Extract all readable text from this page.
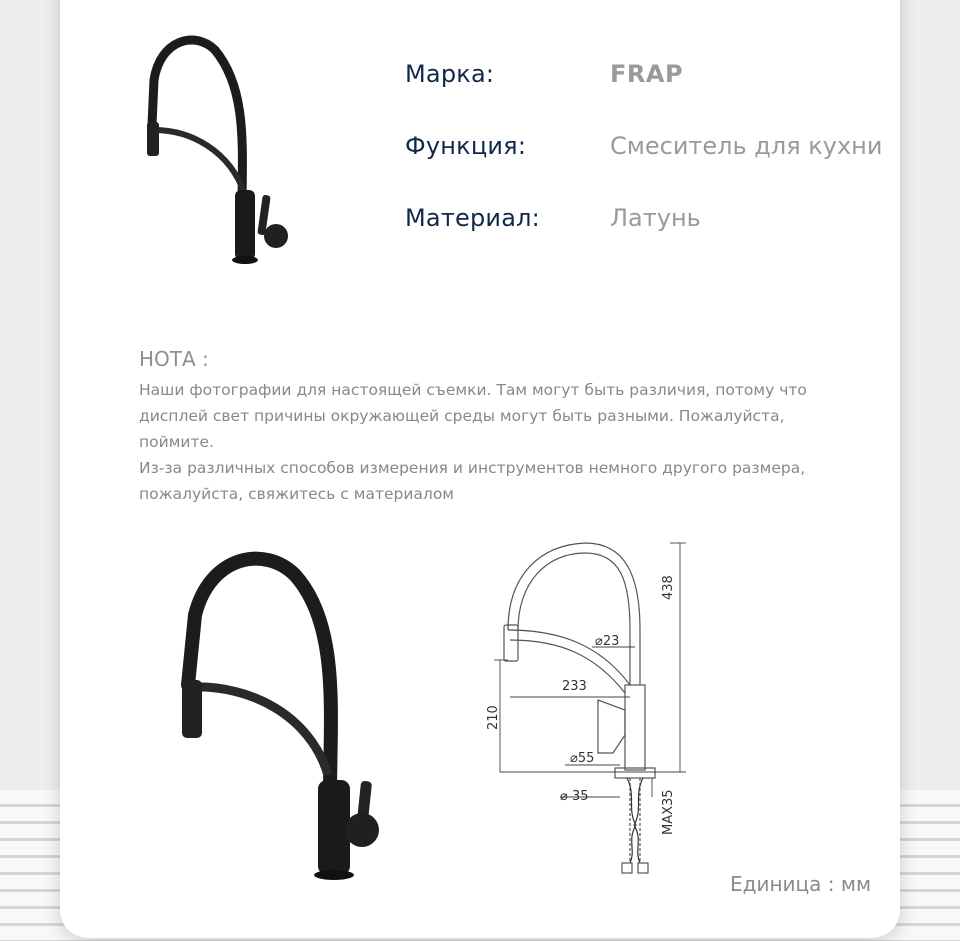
Марка:	FRAP
Функция:	Смеситель для кухни
Материал:	Латунь
НОТА :
Наши фотографии для настоящей съемки. Там могут быть различия, потому что
дисплей свет причины окружающей среды могут быть разными. Пожалуйста,
поймите.
Из-за различных способов измерения и инструментов немного другого размера,
пожалуйста, свяжитесь с материалом
438
⌀23
233
210
⌀55
⌀ 35	MAX35
Единица : мм
